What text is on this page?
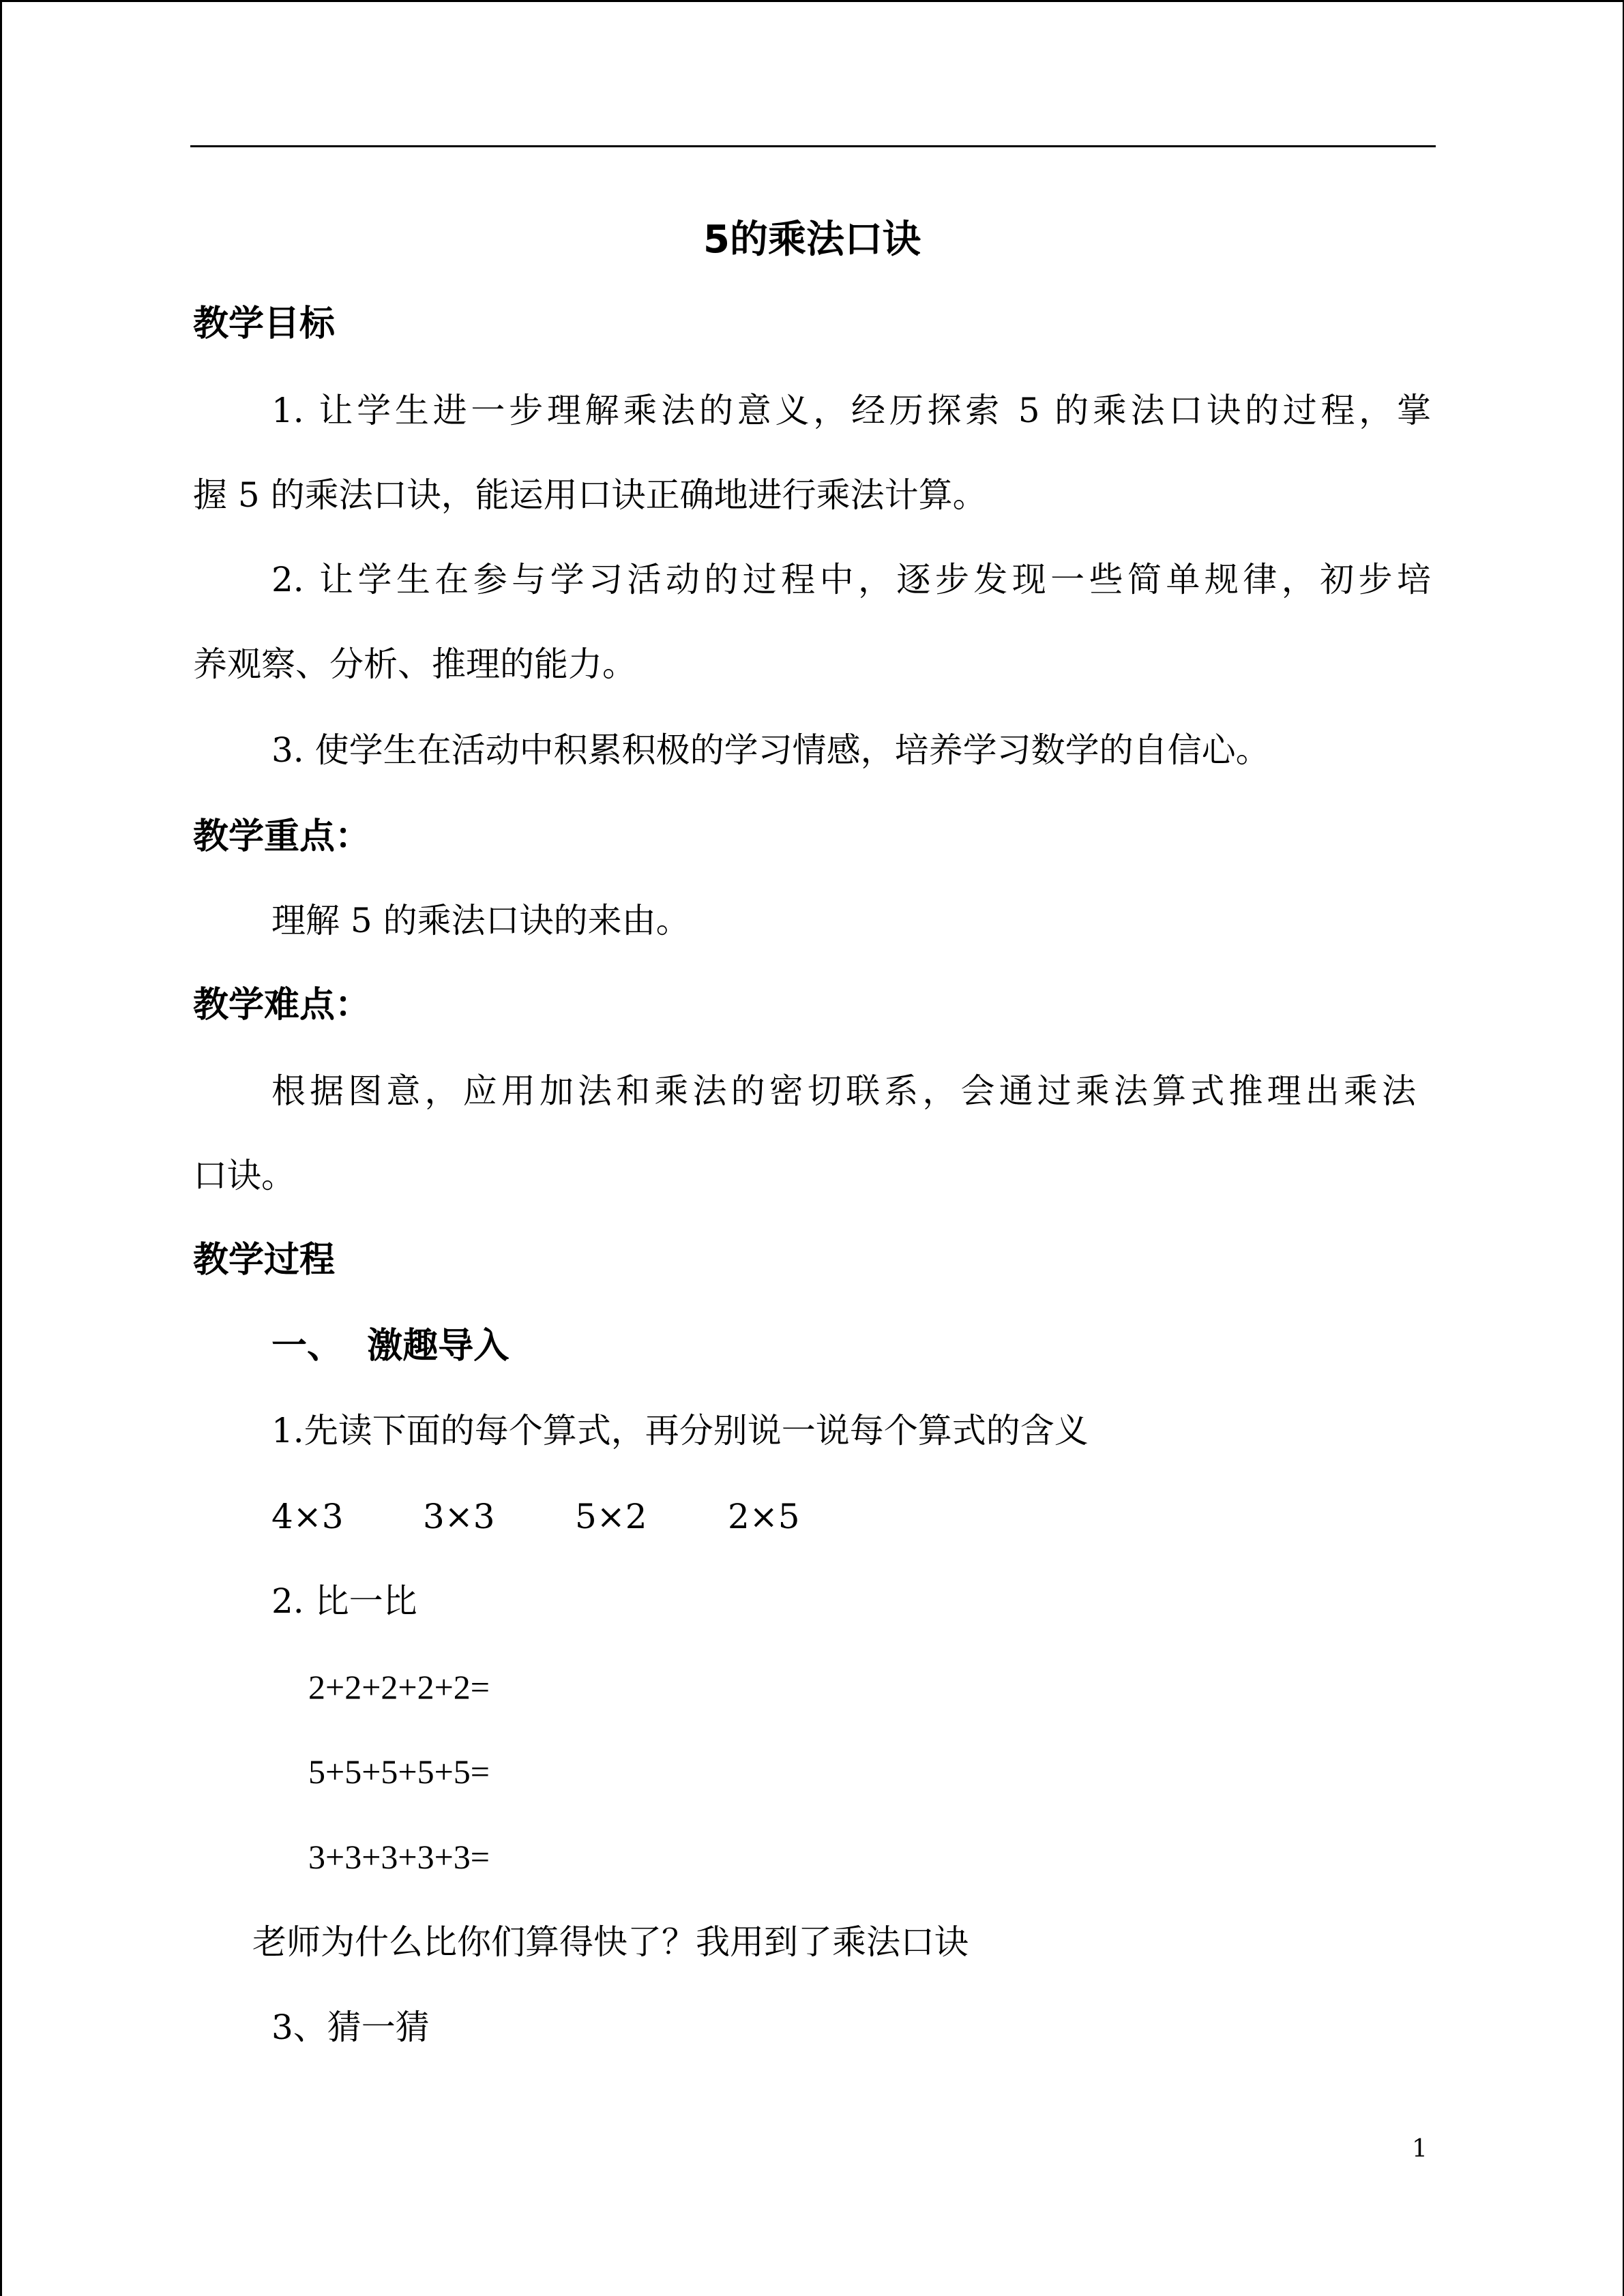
5的乘法口诀
教学目标
1. 让学生进一步理解乘法的意义，经历探索 5 的乘法口诀的过程，掌
握 5 的乘法口诀，能运用口诀正确地进行乘法计算。
2. 让学生在参与学习活动的过程中，逐步发现一些简单规律，初步培
养观察、分析、推理的能力。
3. 使学生在活动中积累积极的学习情感，培养学习数学的自信心。
教学重点：
理解 5 的乘法口诀的来由。
教学难点：
根据图意，应用加法和乘法的密切联系，会通过乘法算式推理出乘法
口诀。
教学过程
一、  激趣导入
1.先读下面的每个算式，再分别说一说每个算式的含义
4×3 3×3 5×2 2×5
2. 比一比
2+2+2+2+2=
5+5+5+5+5=
3+3+3+3+3=
老师为什么比你们算得快了？我用到了乘法口诀
3、猜一猜
1
